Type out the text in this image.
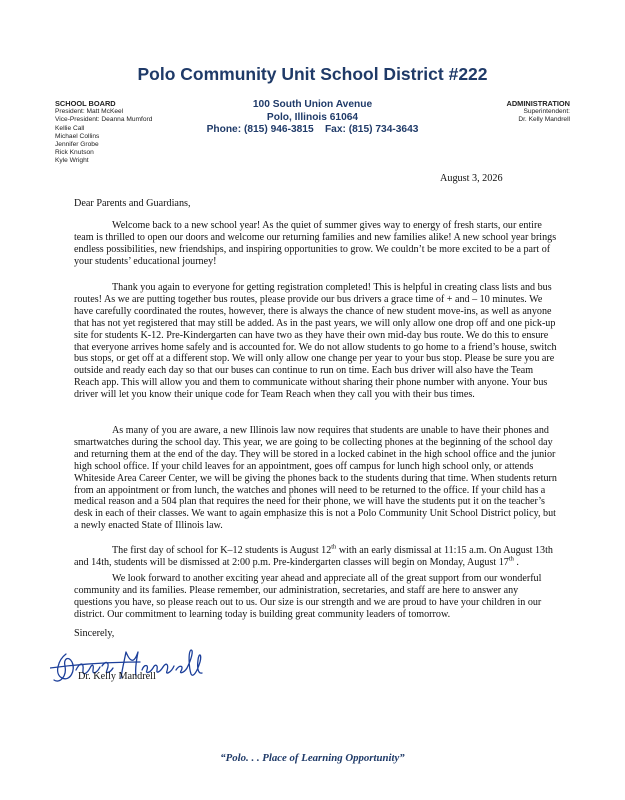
Polo Community Unit School District #222
SCHOOL BOARD
President: Matt McKeel
Vice-President: Deanna Mumford
Kellie Call
Michael Collins
Jennifer Grobe
Rick Knutson
Kyle Wright
100 South Union Avenue
Polo, Illinois 61064
Phone: (815) 946-3815 Fax: (815) 734-3643
ADMINISTRATION
Superintendent:
Dr. Kelly Mandrell
August 3, 2026
Dear Parents and Guardians,

Welcome back to a new school year! As the quiet of summer gives way to energy of fresh starts, our entire team is thrilled to open our doors and welcome our returning families and new families alike! A new school year brings endless possibilities, new friendships, and inspiring opportunities to grow. We couldn’t be more excited to be a part of your students’ educational journey!

Thank you again to everyone for getting registration completed! This is helpful in creating class lists and bus routes! As we are putting together bus routes, please provide our bus drivers a grace time of + and – 10 minutes. We have carefully coordinated the routes, however, there is always the chance of new student move-ins, as well as anyone that has not yet registered that may still be added. As in the past years, we will only allow one drop off and one pick-up site for students K-12. Pre-Kindergarten can have two as they have their own mid-day bus route. We do this to ensure that everyone arrives home safely and is accounted for. We do not allow students to go home to a friend’s house, switch bus stops, or get off at a different stop. We will only allow one change per year to your bus stop. Please be sure you are outside and ready each day so that our buses can continue to run on time. Each bus driver will also have the Team Reach app. This will allow you and them to communicate without sharing their phone number with anyone. Your bus driver will let you know their unique code for Team Reach when they call you with their bus times.

As many of you are aware, a new Illinois law now requires that students are unable to have their phones and smartwatches during the school day. This year, we are going to be collecting phones at the beginning of the school day and returning them at the end of the day. They will be stored in a locked cabinet in the high school office and the junior high school office. If your child leaves for an appointment, goes off campus for lunch high school only, or attends Whiteside Area Career Center, we will be giving the phones back to the students during that time. When students return from an appointment or from lunch, the watches and phones will need to be returned to the office. If your child has a medical reason and a 504 plan that requires the need for their phone, we will have the students put it on the teacher’s desk in each of their classes. We want to again emphasize this is not a Polo Community Unit School District policy, but a newly enacted State of Illinois law.

The first day of school for K–12 students is August 12th with an early dismissal at 11:15 a.m. On August 13th and 14th, students will be dismissed at 2:00 p.m. Pre-kindergarten classes will begin on Monday, August 17th .

We look forward to another exciting year ahead and appreciate all of the great support from our wonderful community and its families. Please remember, our administration, secretaries, and staff are here to answer any questions you have, so please reach out to us. Our size is our strength and we are proud to have your children in our district. Our commitment to learning today is building great community leaders of tomorrow.

Sincerely,
Dr. Kelly Mandrell
“Polo. . . Place of Learning Opportunity”
